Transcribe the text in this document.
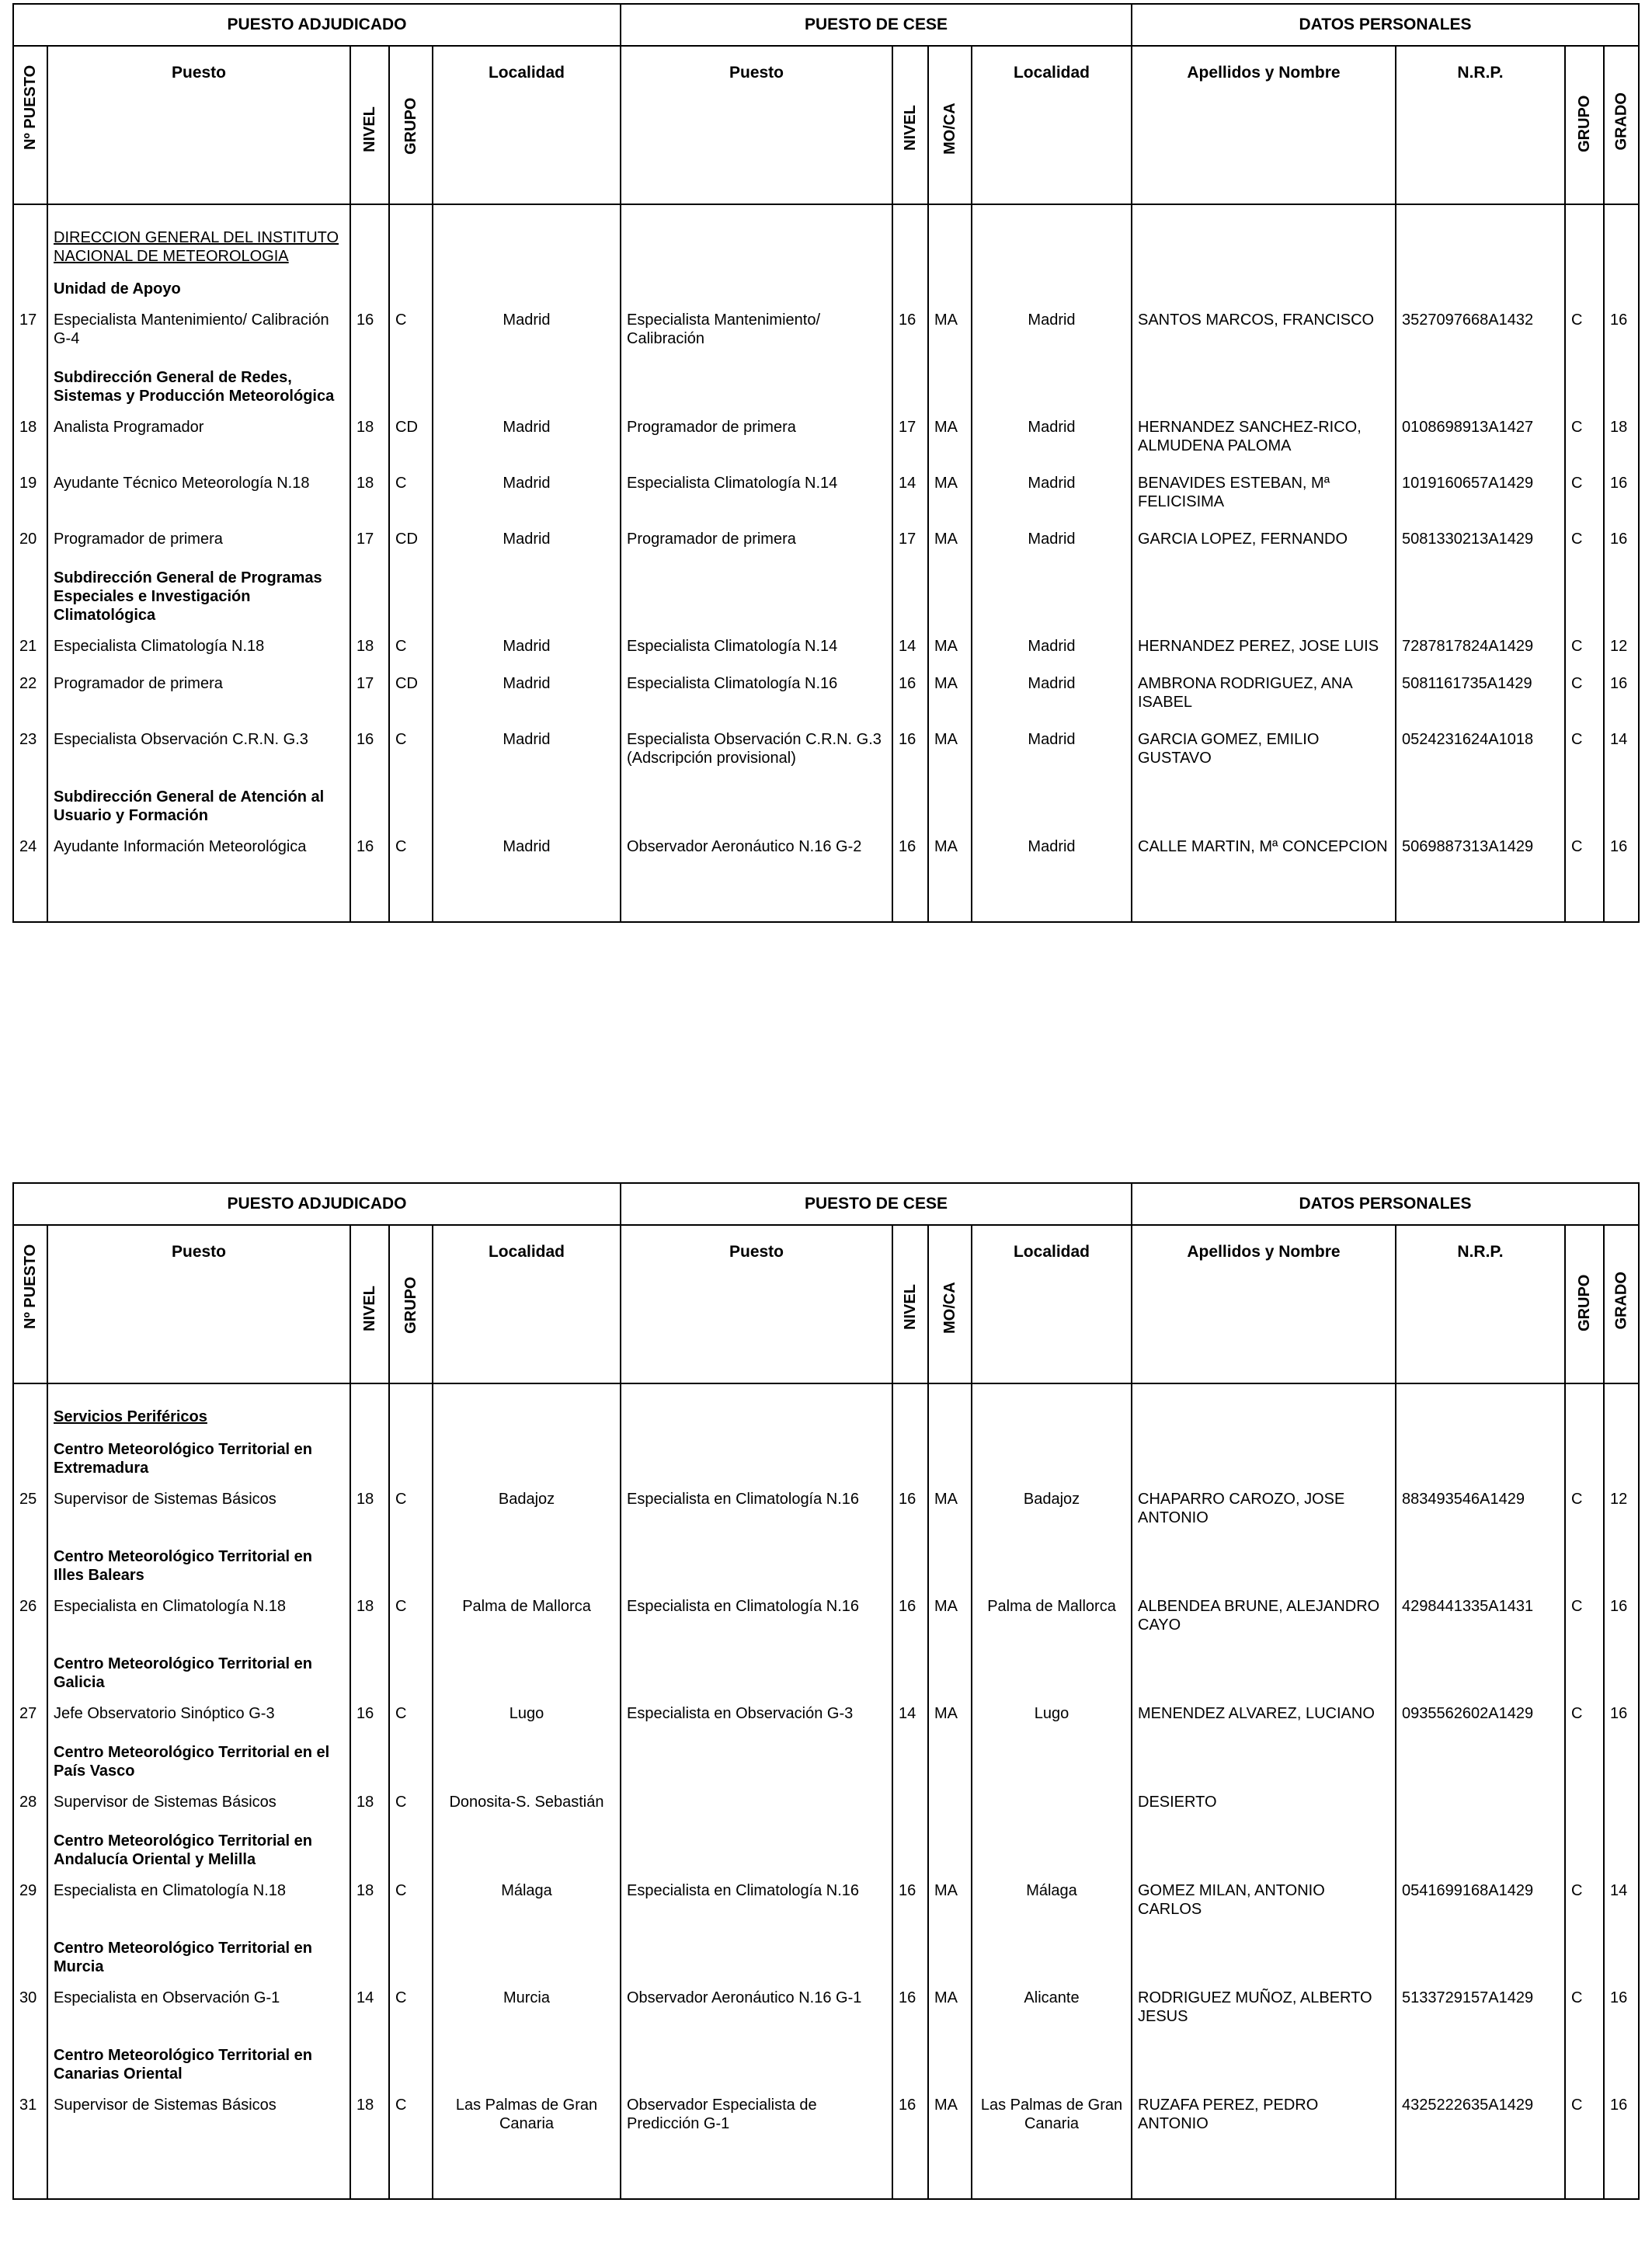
PUESTO ADJUDICADO					PUESTO DE CESE				DATOS PERSONALES			

Nº PUESTO	Puesto	NIVEL	GRUPO	Localidad	Puesto	NIVEL	MO/CA	Localidad	Apellidos y Nombre	N.R.P.	GRUPO	GRADO

	DIRECCION GENERAL DEL INSTITUTO NACIONAL DE METEOROLOGIA											
	Unidad de Apoyo											
17	Especialista Mantenimiento/ Calibración G-4	16	C	Madrid	Especialista Mantenimiento/ Calibración	16	MA	Madrid	SANTOS MARCOS, FRANCISCO	3527097668A1432	C	16
	Subdirección General de Redes, Sistemas y Producción Meteorológica											
18	Analista Programador	18	CD	Madrid	Programador de primera	17	MA	Madrid	HERNANDEZ SANCHEZ-RICO, ALMUDENA PALOMA	0108698913A1427	C	18
19	Ayudante Técnico Meteorología N.18	18	C	Madrid	Especialista Climatología N.14	14	MA	Madrid	BENAVIDES ESTEBAN, Mª FELICISIMA	1019160657A1429	C	16
20	Programador de primera	17	CD	Madrid	Programador de primera	17	MA	Madrid	GARCIA LOPEZ, FERNANDO	5081330213A1429	C	16
	Subdirección General de Programas Especiales e Investigación Climatológica											
21	Especialista Climatología N.18	18	C	Madrid	Especialista Climatología N.14	14	MA	Madrid	HERNANDEZ PEREZ, JOSE LUIS	7287817824A1429	C	12
22	Programador de primera	17	CD	Madrid	Especialista Climatología N.16	16	MA	Madrid	AMBRONA RODRIGUEZ, ANA ISABEL	5081161735A1429	C	16
23	Especialista Observación C.R.N. G.3	16	C	Madrid	Especialista Observación C.R.N. G.3 (Adscripción provisional)	16	MA	Madrid	GARCIA GOMEZ, EMILIO GUSTAVO	0524231624A1018	C	14
	Subdirección General de Atención al Usuario y Formación											
24	Ayudante Información Meteorológica	16	C	Madrid	Observador Aeronáutico N.16 G-2	16	MA	Madrid	CALLE MARTIN, Mª CONCEPCION	5069887313A1429	C	16

PUESTO ADJUDICADO					PUESTO DE CESE				DATOS PERSONALES			

Nº PUESTO	Puesto	NIVEL	GRUPO	Localidad	Puesto	NIVEL	MO/CA	Localidad	Apellidos y Nombre	N.R.P.	GRUPO	GRADO

	Servicios Periféricos											
	Centro Meteorológico Territorial en Extremadura											
25	Supervisor de Sistemas Básicos	18	C	Badajoz	Especialista en Climatología N.16	16	MA	Badajoz	CHAPARRO CAROZO, JOSE ANTONIO	883493546A1429	C	12
	Centro Meteorológico Territorial en Illes Balears											
26	Especialista en Climatología N.18	18	C	Palma de Mallorca	Especialista en Climatología N.16	16	MA	Palma de Mallorca	ALBENDEA BRUNE, ALEJANDRO CAYO	4298441335A1431	C	16
	Centro Meteorológico Territorial en Galicia											
27	Jefe Observatorio Sinóptico G-3	16	C	Lugo	Especialista en Observación G-3	14	MA	Lugo	MENENDEZ ALVAREZ, LUCIANO	0935562602A1429	C	16
	Centro Meteorológico Territorial en el País Vasco											
28	Supervisor de Sistemas Básicos	18	C	Donosita-S. Sebastián					DESIERTO			
	Centro Meteorológico Territorial en Andalucía Oriental y Melilla											
29	Especialista en Climatología N.18	18	C	Málaga	Especialista en Climatología N.16	16	MA	Málaga	GOMEZ MILAN, ANTONIO CARLOS	0541699168A1429	C	14
	Centro Meteorológico Territorial en Murcia											
30	Especialista en Observación G-1	14	C	Murcia	Observador Aeronáutico N.16 G-1	16	MA	Alicante	RODRIGUEZ MUÑOZ, ALBERTO JESUS	5133729157A1429	C	16
	Centro Meteorológico Territorial en Canarias Oriental											
31	Supervisor de Sistemas Básicos	18	C	Las Palmas de Gran Canaria	Observador Especialista de Predicción G-1	16	MA	Las Palmas de Gran Canaria	RUZAFA PEREZ, PEDRO ANTONIO	4325222635A1429	C	16
